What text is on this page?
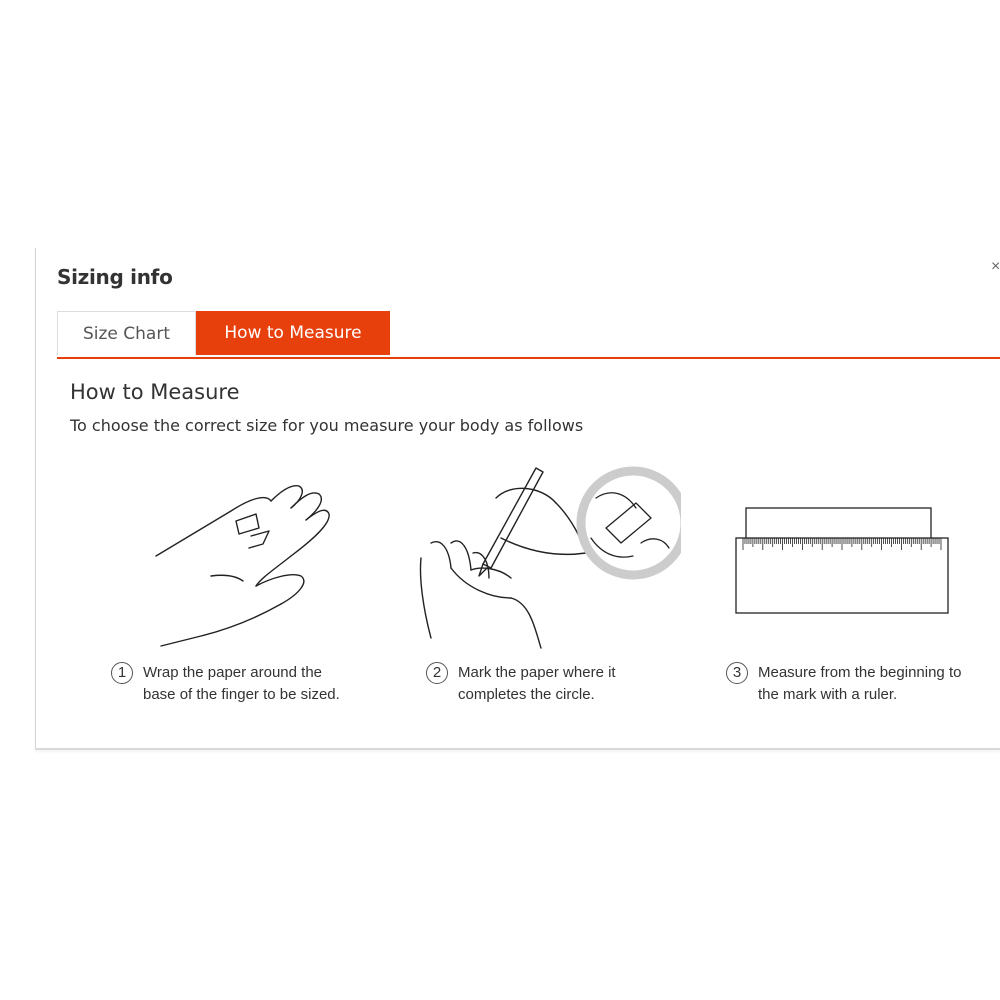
Sizing info	×
Size Chart	How to Measure
How to Measure
To choose the correct size for you measure your body as follows
1	Wrap the paper around the
base of the finger to be sized.
2	Mark the paper where it
completes the circle.
3	Measure from the beginning to
the mark with a ruler.
